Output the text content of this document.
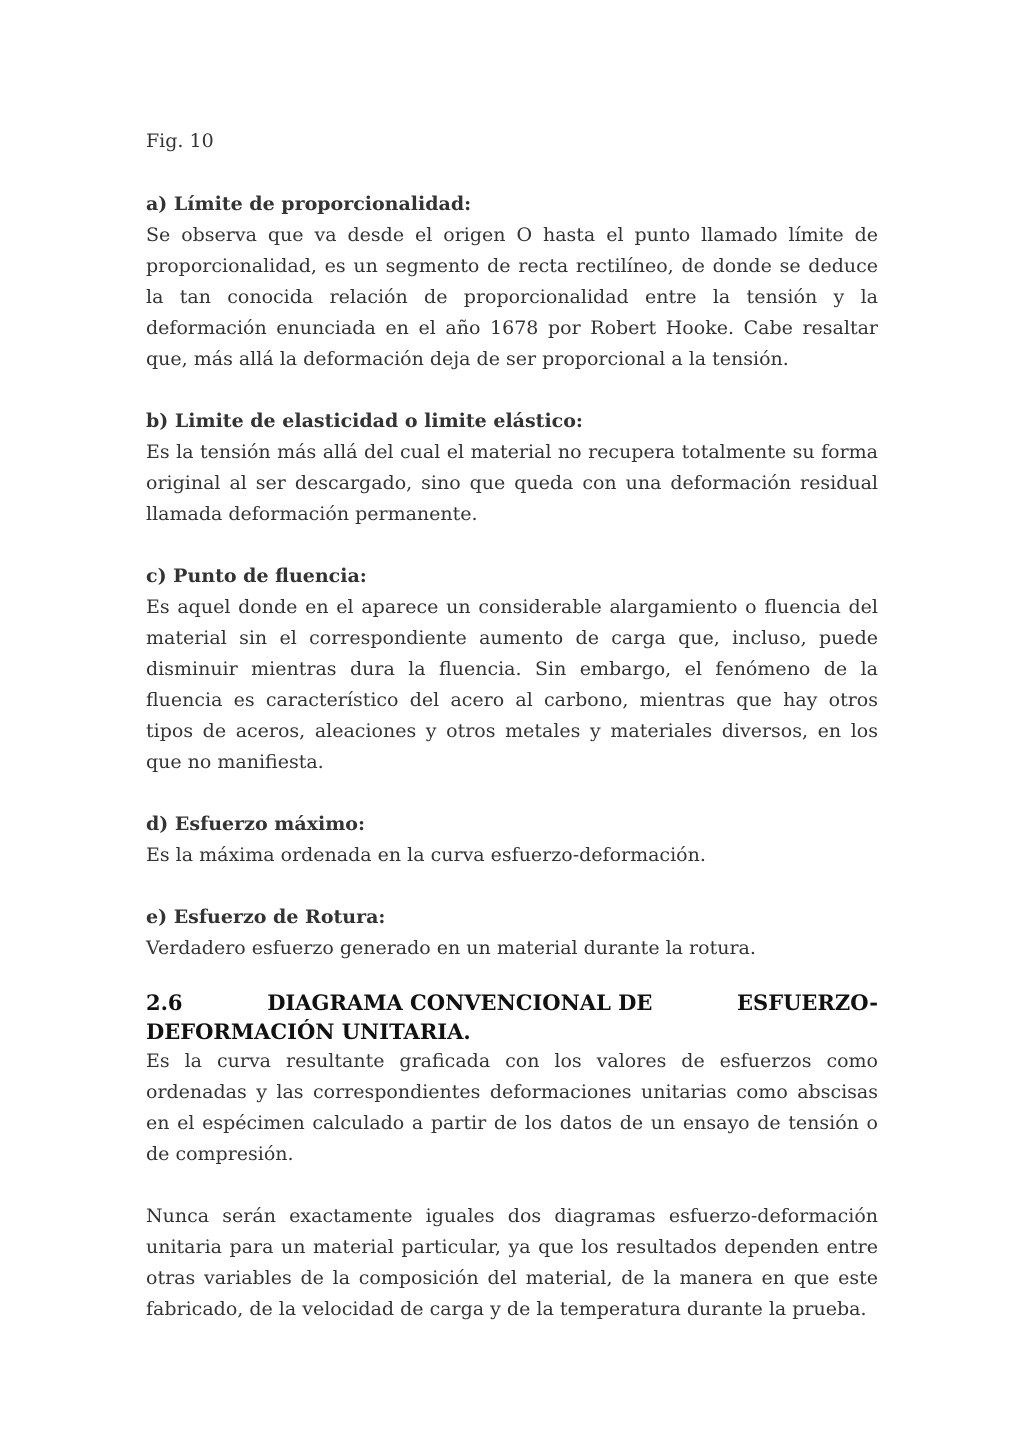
Fig. 10

a) Límite de proporcionalidad:

Se observa que va desde el origen O hasta el punto llamado límite de proporcionalidad, es un segmento de recta rectilíneo, de donde se deduce la tan conocida relación de proporcionalidad entre la tensión y la deformación enunciada en el año 1678 por Robert Hooke. Cabe resaltar que, más allá la deformación deja de ser proporcional a la tensión.

b) Limite de elasticidad o limite elástico:

Es la tensión más allá del cual el material no recupera totalmente su forma original al ser descargado, sino que queda con una deformación residual llamada deformación permanente.

c) Punto de fluencia:

Es aquel donde en el aparece un considerable alargamiento o fluencia del material sin el correspondiente aumento de carga que, incluso, puede disminuir mientras dura la fluencia. Sin embargo, el fenómeno de la fluencia es característico del acero al carbono, mientras que hay otros tipos de aceros, aleaciones y otros metales y materiales diversos, en los que no manifiesta.

d) Esfuerzo máximo:

Es la máxima ordenada en la curva esfuerzo-deformación.

e) Esfuerzo de Rotura:

Verdadero esfuerzo generado en un material durante la rotura.

2.6	DIAGRAMA CONVENCIONAL DE	ESFUERZO-
DEFORMACIÓN UNITARIA.

Es la curva resultante graficada con los valores de esfuerzos como ordenadas y las correspondientes deformaciones unitarias como abscisas en el espécimen calculado a partir de los datos de un ensayo de tensión o de compresión.

Nunca serán exactamente iguales dos diagramas esfuerzo-deformación unitaria para un material particular, ya que los resultados dependen entre otras variables de la composición del material, de la manera en que este fabricado, de la velocidad de carga y de la temperatura durante la prueba.
